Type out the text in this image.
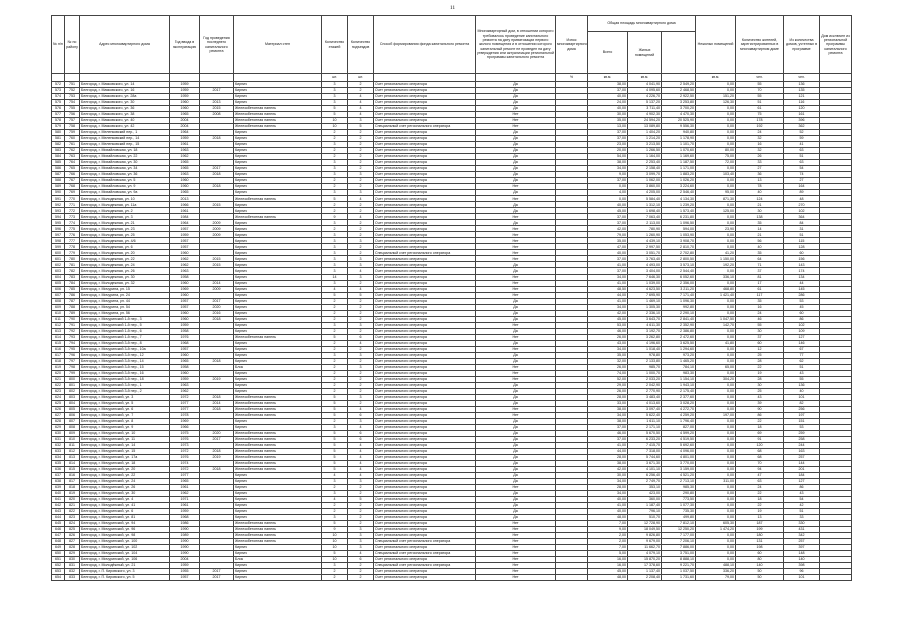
11
№ п/п	№ по району	Адрес многоквартирного дома	Год ввода в эксплуатацию	Год проведения последнего капитального ремонта	Материал стен	Количество этажей	Количество подъездов	Способ формирования фонда капитального ремонта	Многоквартирный дом, в отношении которого требовалось проведение капитального ремонта на дату приватизации первого жилого помещения и в отношении которого капитальный ремонт не проведен на дату утверждения или актуализации региональной программы капитального ремонта	Износ многоквартирного дома	Общая площадь многоквартирного дома			Нежилых помещений	Количество жителей, зарегистрированных в многоквартирном доме	Из количества домов, учтенных в программе	Дом исключен из региональной программы капитального ремонта
											Всего	Жилых помещений					
						шт.	шт.			%	кв.м.	кв.м.		кв.м.	чел.	чел.	
572	751	Белгород, г. Маяковского, ул. 14	1959		Кирпич	3	2	Счет регионального оператора	Да		38,00	4 041,90	2 549,20	0,00	55	136	
573	752	Белгород, г. Маяковского, ул. 16	1959	2017	Кирпич	3	2	Счет регионального оператора	Да		37,00	4 095,60	2 468,50	0,00	70	135	
574	753	Белгород, г. Маяковского, ул. 28а	1959		Кирпич	3	4	Счет регионального оператора	Да		40,00	4 226,70	2 922,50	151,20	55	121	
575	754	Белгород, г. Маяковского, ул. 30	1960	2013	Кирпич	3	4	Счет регионального оператора	Да		24,00	5 137,20	3 253,80	126,30	51	116	
576	755	Белгород, г. Маяковского, ул. 36	1960	2015	Железобетонная панель	5	4	Счет регионального оператора	Да		40,00	3 711,40	3 700,20	0,00	61	120	
577	756	Белгород, г. Маяковского, ул. 38	1965	2008	Железобетонная панель	5	4	Счет регионального оператора	Нет		30,00	4 902,30	4 470,30	0,00	75	161	
578	757	Белгород, г. Маяковского, ул. 40	2004		Железобетонная панель	10	3	Счет регионального оператора	Нет		35,00	24 594,20	20 525,90	0,00	178	396	
579	758	Белгород, г. Маяковского, ул. 42	2004		Железобетонная панель	10	5	Специальный счет регионального оператора	Нет		13,00	13 089,80	9 556,30	0,00	192	362	
580	759	Белгород, г. Меленковский пер., 1	1964		Кирпич	2	2	Счет регионального оператора	Да		37,00	1 404,20	940,80	0,00	24	52	
581	760	Белгород, г. Меленковский пер., 14	1959	2018	Кирпич	2	2	Счет регионального оператора	Да		37,00	1 214,20	1 178,90	0,00	32	59	
582	761	Белгород, г. Меленковский пер., 15	1961		Кирпич	3	2	Счет регионального оператора	Да		23,00	3 213,50	1 101,70	0,00	16	41	
583	762	Белгород, г. Михайловская, ул. 18	1963		Кирпич	2	2	Счет регионального оператора	Да		20,00	1 266,50	1 070,60	80,00	32	63	
584	763	Белгород, г. Михайловская, ул. 22	1962		Кирпич	2	2	Счет регионального оператора	Да		54,00	1 164,00	1 169,60	75,00	26	51	
585	764	Белгород, г. Михайловская, ул. 30	1965		Кирпич	3	2	Счет регионального оператора	Да		38,00	2 253,40	1 187,50	72,00	33	63	
586	765	Белгород, г. Михайловская, ул. 34	1965	2017	Кирпич	3	2	Счет регионального оператора	Да		34,00	2 158,40	1 171,00	0,00	27	54	
587	766	Белгород, г. Михайловская, ул. 36	1963	2018	Кирпич	3	3	Счет регионального оператора	Да		9,00	3 099,70	1 883,20	103,40	36	74	
588	767	Белгород, г. Михайловская, ул. 5	1960		Кирпич	2	2	Счет регионального оператора	Да		37,00	1 062,00	1 026,20	0,00	13	27	
589	768	Белгород, г. Михайловская, ул. 9	1960	2018	Кирпич	2	2	Счет регионального оператора	Нет		0,00	3 860,00	3 224,60	0,00	78	164	
590	769	Белгород, г. Михайловская, ул. 9а	1965		Кирпич	3	3	Счет регионального оператора	Да		4,00	4 205,00	2 546,40	95,00	40	89	
591	770	Белгород, г. Молодежная, ул. 10	2013		Железобетонная панель	5	4	Счет регионального оператора	Нет		0,00	5 584,40	4 134,30	871,30	124	48	
592	771	Белгород, г. Молодежная, ул. 11а	1966	2015	Кирпич	2	2	Счет регионального оператора	Да		40,00	1 312,10	1 239,20	0,00	21	270	
593	772	Белгород, г. Молодежная, ул. 2	1961		Кирпич	2	2	Счет регионального оператора	Да		45,00	1 698,40	1 573,40	125,00	30	102	
594	773	Белгород, г. Молодежная, ул. 3	1984		Железобетонная панель	9	4	Счет регионального оператора	Нет		37,00	7 063,40	6 231,80	0,00	138	364	
595	774	Белгород, г. Молодежная, ул. 21	1964	2009	Кирпич	3	2	Счет регионального оператора	Да		37,00	2 113,00	1 096,50	0,00	35	84	
596	775	Белгород, г. Молодежная, ул. 23	1957	2009	Кирпич	2	2	Счет регионального оператора	Нет		42,00	780,90	594,00	23,90	14	31	
597	776	Белгород, г. Молодежная, ул. 25	1959	2009	Кирпич	3	2	Счет регионального оператора	Нет		79,00	1 260,90	1 053,90	0,00	21	51	
598	777	Белгород, г. Молодежная, ул. 4/6	1957		Кирпич	3	3	Счет регионального оператора	Нет		35,00	4 439,10	3 908,70	0,00	56	115	
599	778	Белгород, г. Молодежная, ул. 6	1957		Кирпич	3	2	Счет регионального оператора	Нет		47,00	2 997,50	2 810,70	0,00	40	128	
600	779	Белгород, г. Молодежная, ул. 20	1960		Кирпич	3	2	Специальный счет регионального оператора	Нет		40,00	3 051,70	2 702,80	41,20	35	60	
601	780	Белгород, г. Молодежная, ул. 22	1962	2015	Кирпич	3	3	Счет регионального оператора	Нет		37,00	3 763,40	2 800,50	1 150,00	64	156	
602	781	Белгород, г. Молодежная, ул. 24	1962	2015	Кирпич	3	3	Счет регионального оператора	Да		41,00	4 493,00	3 573,10	192,20	71	143	
603	782	Белгород, г. Молодежная, ул. 26	1963		Кирпич	3	4	Счет регионального оператора	Да		37,00	3 404,00	2 544,40	0,00	37	174	
604	783	Белгород, г. Молодежная, ул. 30	1958		Кирпич	14	3	Счет регионального оператора	Нет		34,00	7 646,30	6 052,60	336,10	81	134	
605	784	Белгород, г. Молодежная, ул. 32	1960	2014	Кирпич	3	2	Счет регионального оператора	Нет		41,00	1 039,00	2 356,00	0,00	17	44	
606	785	Белгород, г. Мичурина, ул. 15	1969	2009	Кирпич	4	4	Счет регионального оператора	Нет		48,50	4 623,50	3 211,20	468,80	61	145	
607	786	Белгород, г. Мичурина, ул. 24	1960		Кирпич	5	5	Счет регионального оператора	Нет		44,00	7 695,90	7 171,40	1 421,40	117	286	
608	787	Белгород, г. Мичурина, ул. 44	1957	2017	Кирпич	2	2	Счет регионального оператора	Да		41,00	1 469,10	1 096,30	0,00	35	53	
609	788	Белгород, г. Мичурина, ул. 54	1957	2020	Кирпич	2	2	Счет регионального оператора	Да		34,00	1 305,30	992,80	0,00	16	45	
610	789	Белгород, г. Мичурина, ул. 56	1960	2016	Кирпич	2	2	Счет регионального оператора	Да		42,00	2 336,10	2 290,10	0,00	24	60	
611	790	Белгород, г. Мичуринский 1-й пер., 3	1960	2018	Кирпич	2	2	Счет регионального оператора	Да		45,00	3 643,70	2 841,40	1 047,50	46	86	
612	791	Белгород, г. Мичуринский 1-й пер., 5	1959		Кирпич	3	3	Счет регионального оператора	Нет		53,00	4 611,30	2 352,90	142,70	55	102	
613	792	Белгород, г. Мичуринский 1-й пер., 6	1958		Кирпич	2	2	Счет регионального оператора	Да		46,00	3 192,70	2 386,80	0,00	30	109	
614	793	Белгород, г. Мичуринский 1-й пер., 7	1976		Железобетонная панель	5	6	Счет регионального оператора	Нет		26,00	3 262,80	2 472,60	0,00	37	127	
615	794	Белгород, г. Мичуринский 3-й пер., 8	1968		Кирпич	2	4	Счет регионального оператора	Да		43,00	4 196,60	3 625,50	41,80	60	146	
616	795	Белгород, г. Мичуринский 3-й пер., 10а	1957		Кирпич	2	2	Счет регионального оператора	Нет		34,00	1 018,40	1 294,60	0,00	12	67	
617	796	Белгород, г. Мичуринский 3-й пер., 12	1960		Кирпич	3	3	Счет регионального оператора	Да		35,00	978,80	973,20	0,00	25	77	
618	797	Белгород, г. Мичуринский 3-й пер., 14	1965	2018	Кирпич	2	2	Счет регионального оператора	Да		32,00	2 133,80	1 465,20	0,00	28	62	
619	798	Белгород, г. Мичуринский 3-й пер., 15	1958		Блок	2	3	Счет регионального оператора	Нет		26,00	985,70	784,10	65,00	22	51	
620	799	Белгород, г. Мичуринский 3-й пер., 16	1960		Кирпич	2	2	Счет регионального оператора	Нет		74,00	1 000,70	983,30	0,00	19	43	
621	800	Белгород, г. Мичуринский 3-й пер., 18	1959	2019	Кирпич	2	2	Счет регионального оператора	Нет		52,00	2 033,20	1 154,10	304,20	28	55	
622	801	Белгород, г. Мичуринский 3-й пер., 1	1963		Кирпич	2	2	Счет регионального оператора	Да		29,00	2 042,90	1 943,10	0,00	30	136	
623	802	Белгород, г. Мичуринский 3-й пер., 2	1962		Кирпич	2	2	Счет регионального оператора	Да		26,00	2 770,90	2 175,40	0,00	25	40	
624	803	Белгород, г. Мичуринский, ул. 3	1972	2018	Железобетонная панель	5	3	Счет регионального оператора	Да		28,00	3 483,40	2 377,60	0,00	43	101	
625	804	Белгород, г. Мичуринский, ул. 5	1977	2014	Железобетонная панель	5	2	Счет регионального оператора	Да		33,00	4 013,60	3 028,20	0,00	39	82	
626	805	Белгород, г. Мичуринский, ул. 6	1977	2018	Железобетонная панель	5	4	Счет регионального оператора	Нет		38,00	3 097,40	4 272,70	0,00	90	256	
627	806	Белгород, г. Мичуринский, ул. 7	1978		Железобетонная панель	5	6	Счет регионального оператора	Нет		34,00	5 622,40	4 259,20	197,00	86	197	
628	807	Белгород, г. Мичуринский, ул. 8	1969		Кирпич	2	3	Счет регионального оператора	Да		38,00	1 611,10	1 796,40	0,00	22	151	
629	808	Белгород, г. Мичуринский, ул. 9	1966		Кирпич	3	4	Счет регионального оператора	Да		37,00	2 171,10	827,00	0,00	18	53	
630	809	Белгород, г. Мичуринский, ул. 10	1975	2020	Железобетонная панель	5	6	Счет регионального оператора	Да		46,00	5 670,50	4 599,20	0,00	69	259	
631	810	Белгород, г. Мичуринский, ул. 11	1976	2017	Железобетонная панель	5	6	Счет регионального оператора	Да		37,00	6 233,20	4 519,50	0,00	91	258	
632	811	Белгород, г. Мичуринский, ул. 14	1973		Железобетонная панель	5	4	Счет регионального оператора	Да		41,00	7 415,70	5 692,60	0,00	120	244	
633	812	Белгород, г. Мичуринский, ул. 15	1972	2018	Железобетонная панель	5	4	Счет регионального оператора	Да		44,00	7 318,00	4 096,00	0,00	68	163	
634	813	Белгород, г. Мичуринский, ул. 17а	1976	2019	Железобетонная панель	5	4	Счет регионального оператора	Да		28,00	5 744,60	4 801,00	0,00	68	257	
635	814	Белгород, г. Мичуринский, ул. 18	1974		Железобетонная панель	5	4	Счет регионального оператора	Да		38,00	3 671,30	3 770,00	0,00	70	144	
636	815	Белгород, г. Мичуринский, ул. 20	1972	2018	Железобетонная панель	5	4	Счет регионального оператора	Да		42,00	4 101,10	3 159,00	0,00	94	201	
637	816	Белгород, г. Мичуринский, ул. 22	1977		Кирпич	4	4	Счет регионального оператора	Да		30,00	6 256,40	4 521,20	0,00	47	184	
638	817	Белгород, г. Мичуринский, ул. 24	1965		Кирпич	3	3	Счет регионального оператора	Да		34,00	2 749,70	2 713,10	311,00	63	127	
639	818	Белгород, г. Мичуринский, ул. 26	1961		Кирпич	2	2	Счет регионального оператора	Нет		28,00	353,10	985,30	0,00	24	86	
640	819	Белгород, г. Мичуринский, ул. 30	1962		Кирпич	3	2	Счет регионального оператора	Да		34,00	423,00	290,80	0,00	22	43	
641	820	Белгород, г. Мичуринский, ул. 4	1971		Кирпич	4	5	Счет регионального оператора	Да		40,00	360,00	773,50	0,00	18	54	
642	821	Белгород, г. Мичуринский, ул. 41	1961		Кирпич	2	2	Счет регионального оператора	Да		41,00	1 187,40	1 077,30	0,00	22	42	
643	822	Белгород, г. Мичуринский, ул. 6	1959		Кирпич	2	2	Счет регионального оператора	Да		40,00	796,10	735,30	0,00	19	51	
644	823	Белгород, г. Мичуринский, ул. 81	1968		Кирпич	3	2	Счет регионального оператора	Да		48,00	510,70	499,80	0,00	13	33	
645	824	Белгород, г. Мичуринский, ул. 94	1986		Железобетонная панель	5	2	Счет регионального оператора	Нет		7,00	12 728,90	7 812,10	605,30	187	330	
646	825	Белгород, г. Мичуринский, ул. 96	1990		Железобетонная панель	9	3	Счет регионального оператора	Нет		9,00	18 049,50	12 250,20	1 474,20	199	431	
647	826	Белгород, г. Мичуринский, ул. 98	1989		Железобетонная панель	10	3	Счет регионального оператора	Нет		2,00	9 826,80	7 177,00	0,00	180	342	
648	827	Белгород, г. Мичуринский, ул. 100	1990		Железобетонная панель	10	3	Специальный счет регионального оператора	Нет		2,00	9 679,00	7 206,10	0,00	131	257	
649	828	Белгород, г. Мичуринский, ул. 102	1990		Кирпич	10	3	Счет регионального оператора	Нет		7,00	11 662,70	7 886,00	0,00	198	397	
650	829	Белгород, г. Мичуринский, ул. 104	1990		Кирпич	5	4	Специальный счет регионального оператора	Нет		5,00	4 079,10	3 751,00	0,00	60	148	
651	830	Белгород, г. Мичуринский, ул. 106	2004		Блок	10	6	Счет регионального оператора	Нет		16,00	15 870,20	8 888,10	0,00	80	140	
652	831	Белгород, г. Молодёжный, ул. 21	1959		Кирпич	3	2	Специальный счет регионального оператора	Нет		16,00	17 378,60	9 221,70	488,10	140	398	
653	832	Белгород, г. П. Кировского, ул. 3	1955	2017	Кирпич	2	2	Счет регионального оператора	Нет		45,00	1 137,40	1 037,50	336,20	50	96	
654	833	Белгород, г. П. Кировского, ул. 5	1957	2017	Кирпич	2	2	Счет регионального оператора	Нет		48,00	2 208,40	1 731,60	79,00	50	101	
